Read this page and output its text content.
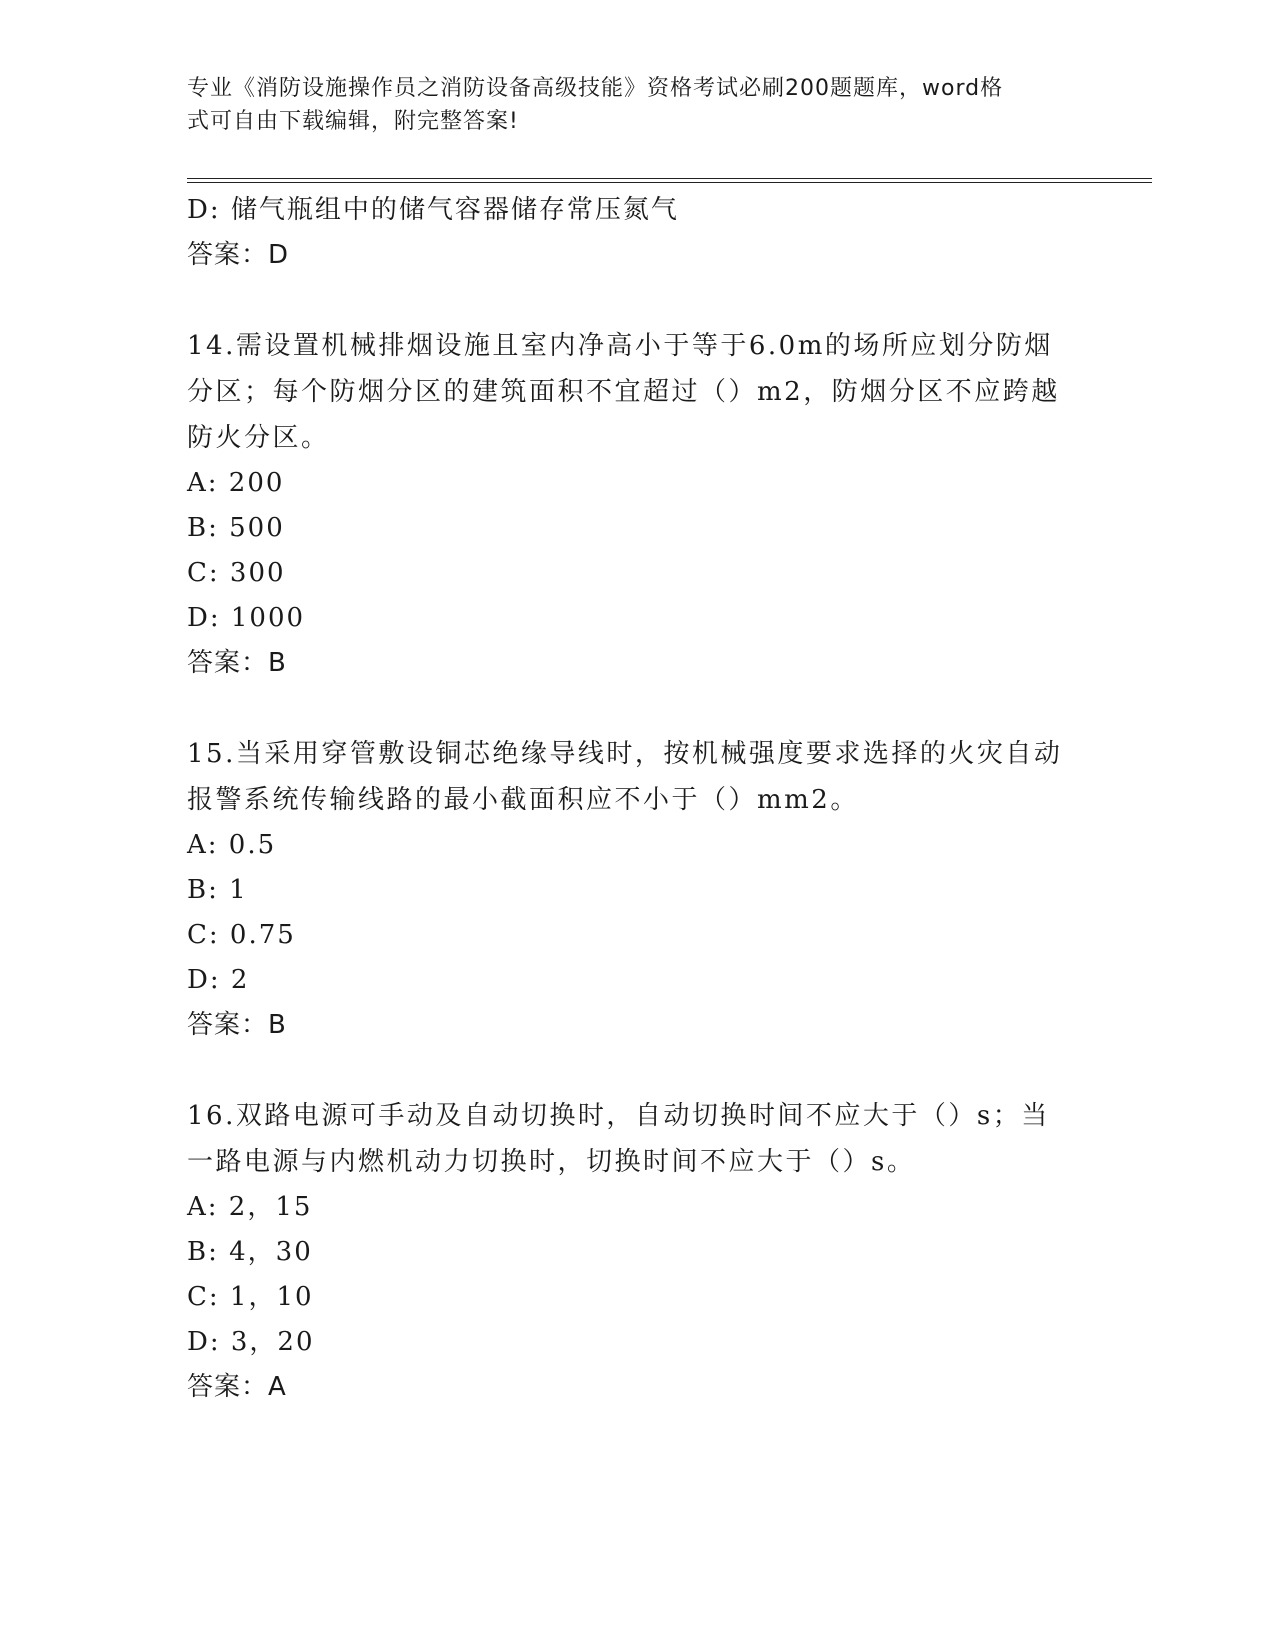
专业《消防设施操作员之消防设备高级技能》资格考试必刷200题题库，word格
式可自由下载编辑，附完整答案!
D: 储气瓶组中的储气容器储存常压氮气
答案：D
14.需设置机械排烟设施且室内净高小于等于6.0m的场所应划分防烟
分区；每个防烟分区的建筑面积不宜超过（）m2，防烟分区不应跨越
防火分区。
A: 200
B: 500
C: 300
D: 1000
答案：B
15.当采用穿管敷设铜芯绝缘导线时，按机械强度要求选择的火灾自动
报警系统传输线路的最小截面积应不小于（）mm2。
A: 0.5
B: 1
C: 0.75
D: 2
答案：B
16.双路电源可手动及自动切换时，自动切换时间不应大于（）s；当
一路电源与内燃机动力切换时，切换时间不应大于（）s。
A: 2，15
B: 4，30
C: 1，10
D: 3，20
答案：A
